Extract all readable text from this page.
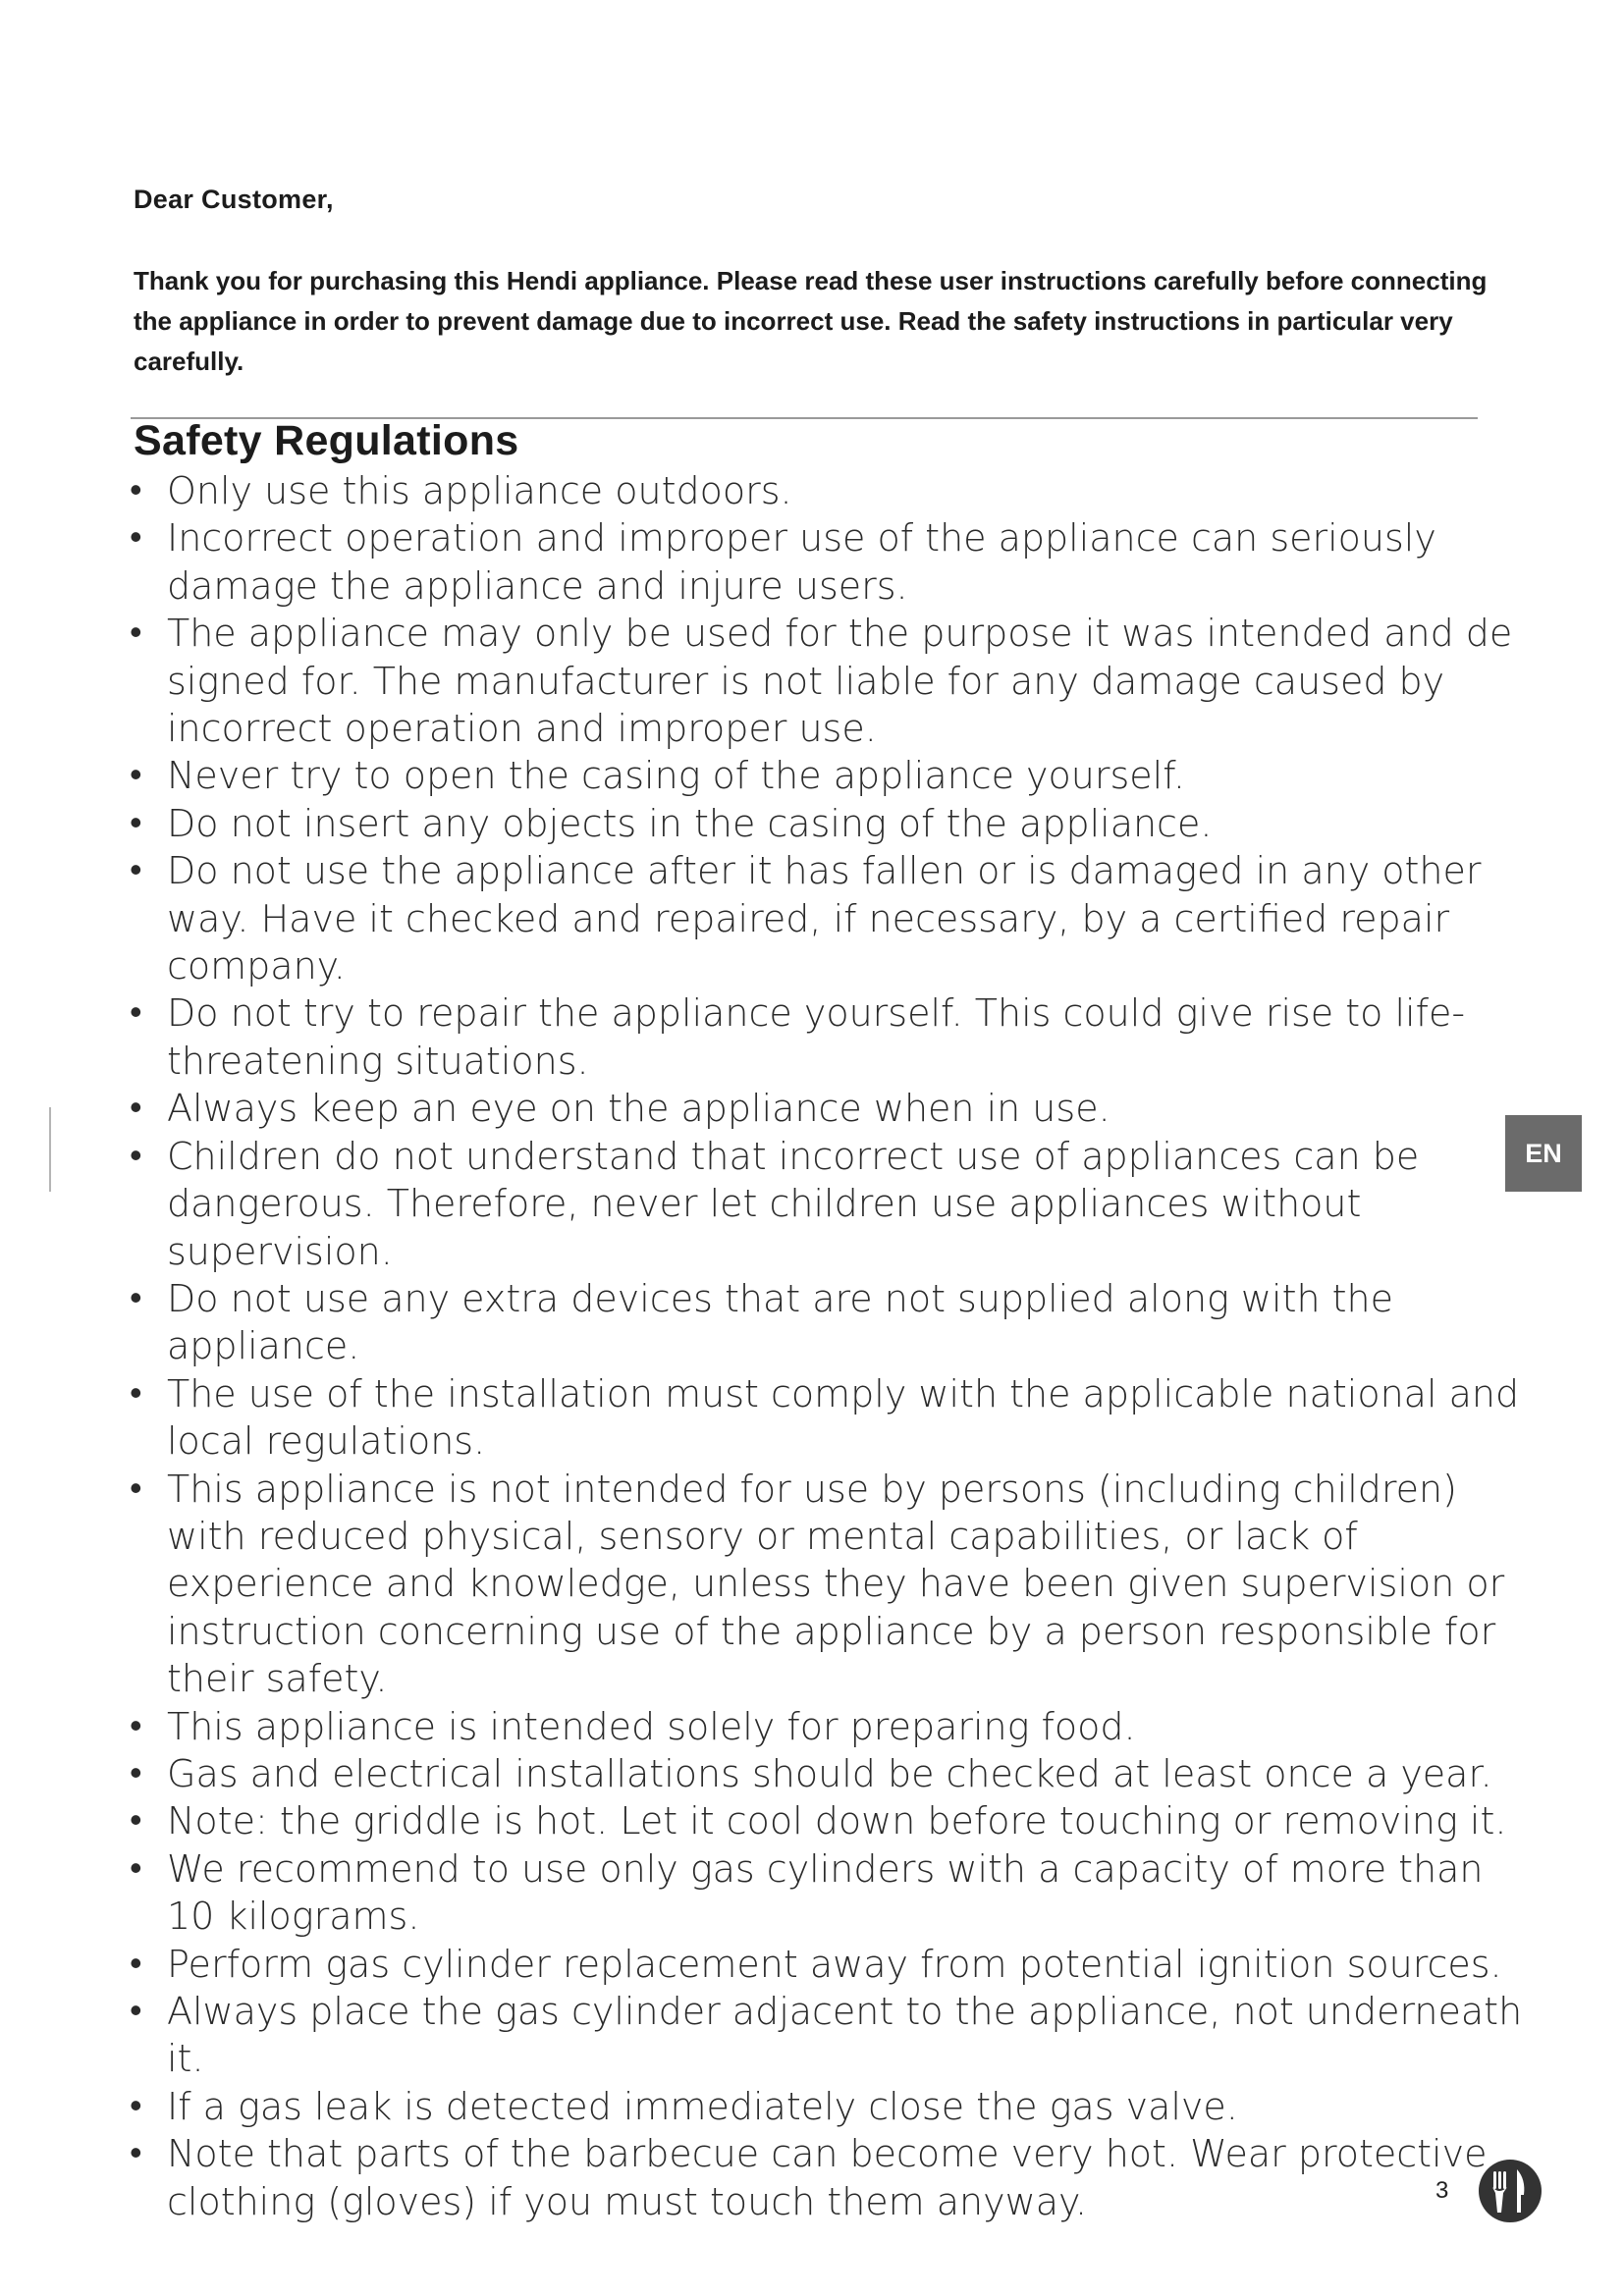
Dear Customer,

Thank you for purchasing this Hendi appliance. Please read these user instructions carefully before connecting the appliance in order to prevent damage due to incorrect use. Read the safety instructions in particular very carefully.

Safety Regulations
• Only use this appliance outdoors.
• Incorrect operation and improper use of the appliance can seriously damage the appliance and injure users.
• The appliance may only be used for the purpose it was intended and de signed for. The manufacturer is not liable for any damage caused by incorrect operation and improper use.
• Never try to open the casing of the appliance yourself.
• Do not insert any objects in the casing of the appliance.
• Do not use the appliance after it has fallen or is damaged in any other way. Have it checked and repaired, if necessary, by a certified repair company.
• Do not try to repair the appliance yourself. This could give rise to life-threatening situations.
• Always keep an eye on the appliance when in use.
• Children do not understand that incorrect use of appliances can be dangerous. Therefore, never let children use appliances without supervision.
• Do not use any extra devices that are not supplied along with the appliance.
• The use of the installation must comply with the applicable national and local regulations.
• This appliance is not intended for use by persons (including children) with reduced physical, sensory or mental capabilities, or lack of experience and knowledge, unless they have been given supervision or instruction concerning use of the appliance by a person responsible for their safety.
• This appliance is intended solely for preparing food.
• Gas and electrical installations should be checked at least once a year.
• Note: the griddle is hot. Let it cool down before touching or removing it.
• We recommend to use only gas cylinders with a capacity of more than 10 kilograms.
• Perform gas cylinder replacement away from potential ignition sources.
• Always place the gas cylinder adjacent to the appliance, not underneath it.
• If a gas leak is detected immediately close the gas valve.
• Note that parts of the barbecue can become very hot. Wear protective clothing (gloves) if you must touch them anyway.
EN
3
